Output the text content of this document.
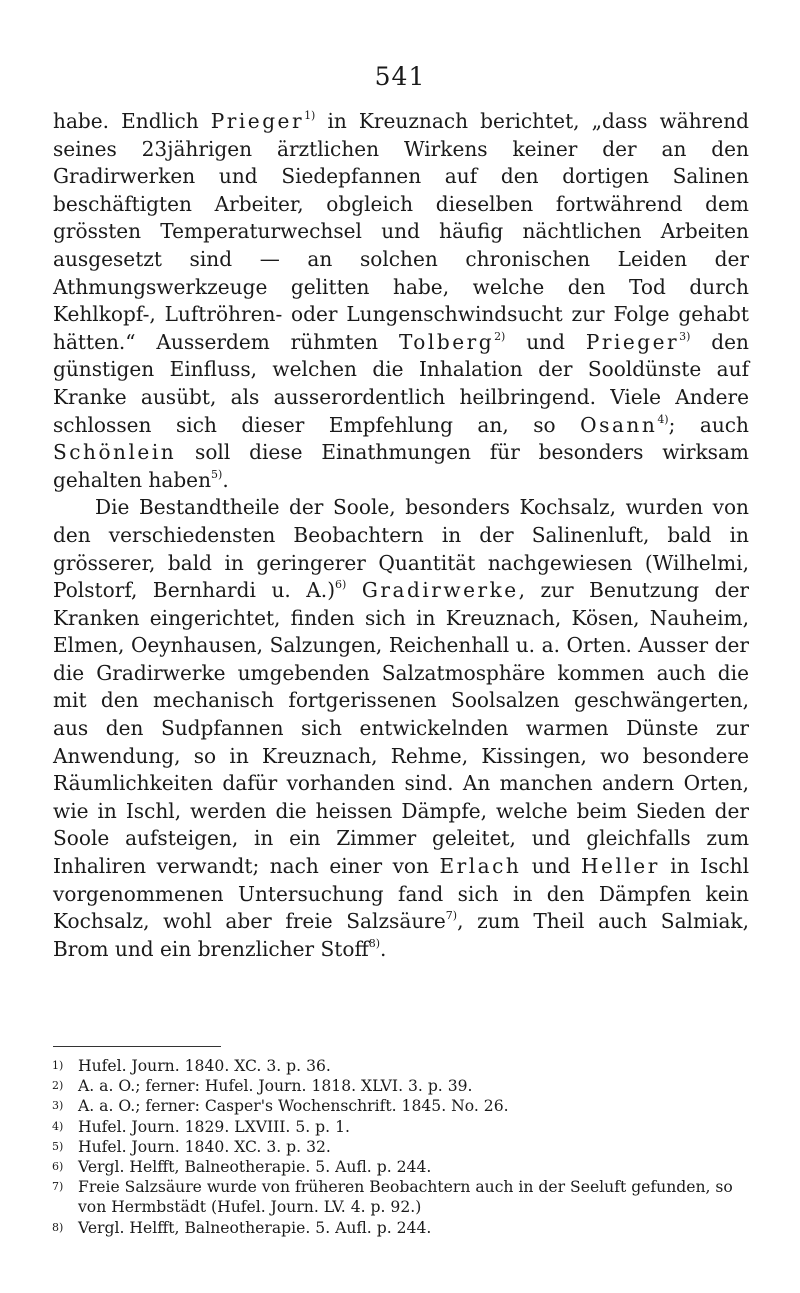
541

habe. Endlich Prieger$^{1)}$ in Kreuznach berichtet, „dass während seines 23jährigen ärztlichen Wirkens keiner der an den Gradirwerken und Siedepfannen auf den dortigen Salinen beschäftigten Arbeiter, obgleich dieselben fortwährend dem grössten Temperaturwechsel und häufig nächtlichen Arbeiten ausgesetzt sind — an solchen chronischen Leiden der Athmungswerkzeuge gelitten habe, welche den Tod durch Kehlkopf-, Luftröhren- oder Lungenschwindsucht zur Folge gehabt hätten.“ Ausserdem rühmten Tolberg$^{2)}$ und Prieger$^{3)}$ den günstigen Einfluss, welchen die Inhalation der Sooldünste auf Kranke ausübt, als ausserordentlich heilbringend. Viele Andere schlossen sich dieser Empfehlung an, so Osann$^{4)}$; auch Schönlein soll diese Einathmungen für besonders wirksam gehalten haben$^{5)}$.

Die Bestandtheile der Soole, besonders Kochsalz, wurden von den verschiedensten Beobachtern in der Salinenluft, bald in grösserer, bald in geringerer Quantität nachgewiesen (Wilhelmi, Polstorf, Bernhardi u. A.)$^{6)}$ Gradirwerke, zur Benutzung der Kranken eingerichtet, finden sich in Kreuznach, Kösen, Nauheim, Elmen, Oeynhausen, Salzungen, Reichenhall u. a. Orten. Ausser der die Gradirwerke umgebenden Salzatmosphäre kommen auch die mit den mechanisch fortgerissenen Soolsalzen geschwängerten, aus den Sudpfannen sich entwickelnden warmen Dünste zur Anwendung, so in Kreuznach, Rehme, Kissingen, wo besondere Räumlichkeiten dafür vorhanden sind. An manchen andern Orten, wie in Ischl, werden die heissen Dämpfe, welche beim Sieden der Soole aufsteigen, in ein Zimmer geleitet, und gleichfalls zum Inhaliren verwandt; nach einer von Erlach und Heller in Ischl vorgenommenen Untersuchung fand sich in den Dämpfen kein Kochsalz, wohl aber freie Salzsäure$^{7)}$, zum Theil auch Salmiak, Brom und ein brenzlicher Stoff$^{8)}$.

1) Hufel. Journ. 1840. XC. 3. p. 36.
2) A. a. O.; ferner: Hufel. Journ. 1818. XLVI. 3. p. 39.
3) A. a. O.; ferner: Casper's Wochenschrift. 1845. No. 26.
4) Hufel. Journ. 1829. LXVIII. 5. p. 1.
5) Hufel. Journ. 1840. XC. 3. p. 32.
6) Vergl. Helfft, Balneotherapie. 5. Aufl. p. 244.
7) Freie Salzsäure wurde von früheren Beobachtern auch in der Seeluft gefunden, so von Hermbstädt (Hufel. Journ. LV. 4. p. 92.)
8) Vergl. Helfft, Balneotherapie. 5. Aufl. p. 244.
